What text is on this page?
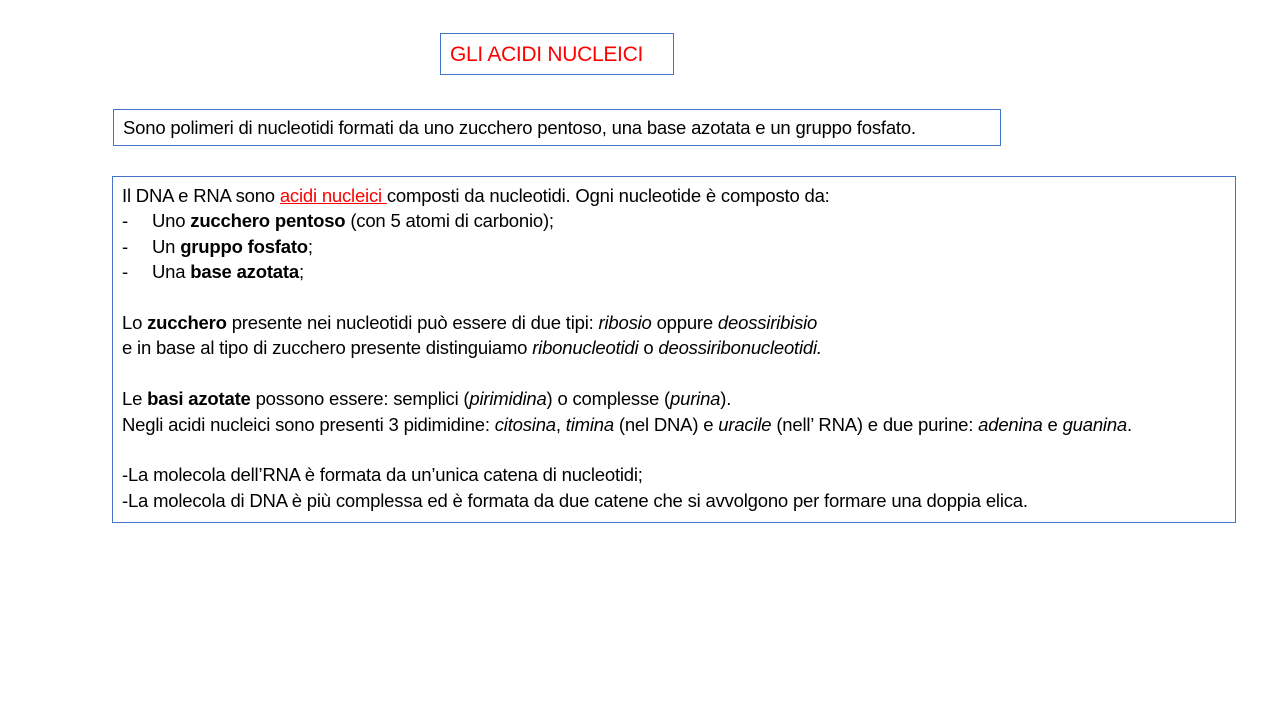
GLI ACIDI NUCLEICI
Sono polimeri di nucleotidi formati da uno zucchero pentoso, una base azotata e un gruppo fosfato.
Il DNA e RNA sono acidi nucleici composti da nucleotidi. Ogni nucleotide è composto da:
- Uno zucchero pentoso (con 5 atomi di carbonio);
- Un gruppo fosfato;
- Una base azotata;
Lo zucchero presente nei nucleotidi può essere di due tipi: ribosio oppure deossiribisio
e in base al tipo di zucchero presente distinguiamo ribonucleotidi o deossiribonucleotidi.
Le basi azotate possono essere: semplici (pirimidina) o complesse (purina).
Negli acidi nucleici sono presenti 3 pidimidine: citosina, timina (nel DNA) e uracile (nell’ RNA) e due purine: adenina e guanina.
-La molecola dell’RNA è formata da un’unica catena di nucleotidi;
-La molecola di DNA è più complessa ed è formata da due catene che si avvolgono per formare una doppia elica.
